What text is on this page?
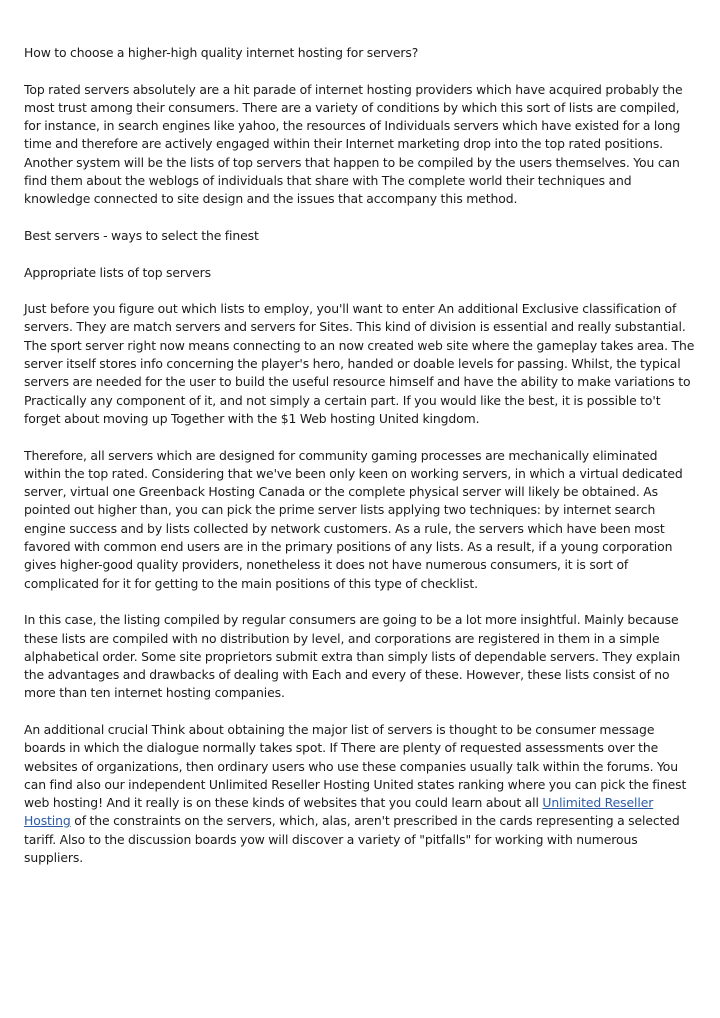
How to choose a higher-high quality internet hosting for servers?

Top rated servers absolutely are a hit parade of internet hosting providers which have acquired probably the most trust among their consumers. There are a variety of conditions by which this sort of lists are compiled, for instance, in search engines like yahoo, the resources of Individuals servers which have existed for a long time and therefore are actively engaged within their Internet marketing drop into the top rated positions. Another system will be the lists of top servers that happen to be compiled by the users themselves. You can find them about the weblogs of individuals that share with The complete world their techniques and knowledge connected to site design and the issues that accompany this method.

Best servers - ways to select the finest

Appropriate lists of top servers

Just before you figure out which lists to employ, you'll want to enter An additional Exclusive classification of servers. They are match servers and servers for Sites. This kind of division is essential and really substantial. The sport server right now means connecting to an now created web site where the gameplay takes area. The server itself stores info concerning the player's hero, handed or doable levels for passing. Whilst, the typical servers are needed for the user to build the useful resource himself and have the ability to make variations to Practically any component of it, and not simply a certain part. If you would like the best, it is possible to't forget about moving up Together with the $1 Web hosting United kingdom.

Therefore, all servers which are designed for community gaming processes are mechanically eliminated within the top rated. Considering that we've been only keen on working servers, in which a virtual dedicated server, virtual one Greenback Hosting Canada or the complete physical server will likely be obtained. As pointed out higher than, you can pick the prime server lists applying two techniques: by internet search engine success and by lists collected by network customers. As a rule, the servers which have been most favored with common end users are in the primary positions of any lists. As a result, if a young corporation gives higher-good quality providers, nonetheless it does not have numerous consumers, it is sort of complicated for it for getting to the main positions of this type of checklist.

In this case, the listing compiled by regular consumers are going to be a lot more insightful. Mainly because these lists are compiled with no distribution by level, and corporations are registered in them in a simple alphabetical order. Some site proprietors submit extra than simply lists of dependable servers. They explain the advantages and drawbacks of dealing with Each and every of these. However, these lists consist of no more than ten internet hosting companies.

An additional crucial Think about obtaining the major list of servers is thought to be consumer message boards in which the dialogue normally takes spot. If There are plenty of requested assessments over the websites of organizations, then ordinary users who use these companies usually talk within the forums. You can find also our independent Unlimited Reseller Hosting United states ranking where you can pick the finest web hosting! And it really is on these kinds of websites that you could learn about all Unlimited Reseller Hosting of the constraints on the servers, which, alas, aren't prescribed in the cards representing a selected tariff. Also to the discussion boards yow will discover a variety of "pitfalls" for working with numerous suppliers.
